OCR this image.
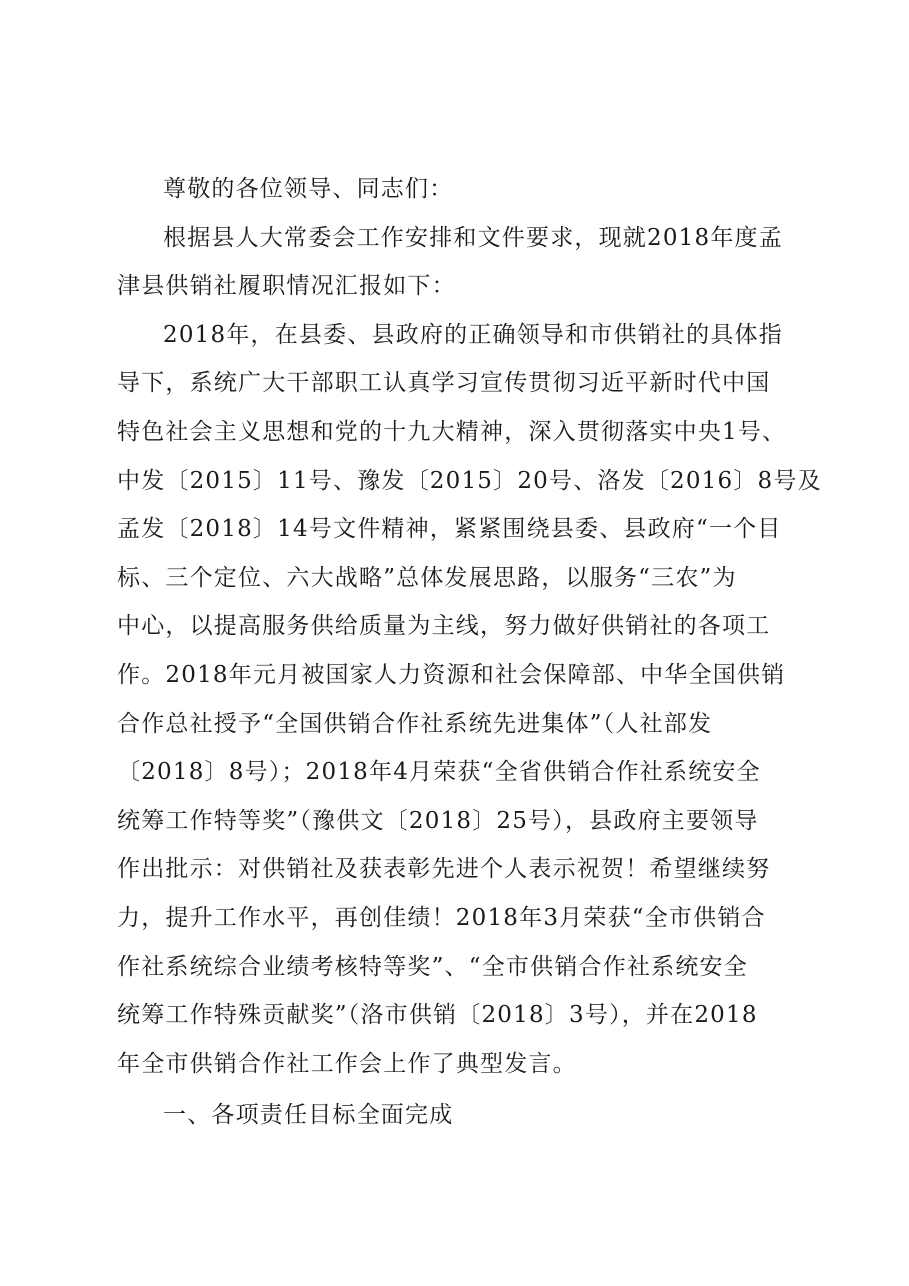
尊敬的各位领导、同志们：

根据县人大常委会工作安排和文件要求，现就2018年度孟
津县供销社履职情况汇报如下：

2018年，在县委、县政府的正确领导和市供销社的具体指
导下，系统广大干部职工认真学习宣传贯彻习近平新时代中国
特色社会主义思想和党的十九大精神，深入贯彻落实中央1号、
中发〔2015〕11号、豫发〔2015〕20号、洛发〔2016〕8号及
孟发〔2018〕14号文件精神，紧紧围绕县委、县政府“一个目
标、三个定位、六大战略”总体发展思路，以服务“三农”为
中心，以提高服务供给质量为主线，努力做好供销社的各项工
作。2018年元月被国家人力资源和社会保障部、中华全国供销
合作总社授予“全国供销合作社系统先进集体”（人社部发
〔2018〕8号）；2018年4月荣获“全省供销合作社系统安全
统筹工作特等奖”（豫供文〔2018〕25号），县政府主要领导
作出批示：对供销社及获表彰先进个人表示祝贺！希望继续努
力，提升工作水平，再创佳绩！2018年3月荣获“全市供销合
作社系统综合业绩考核特等奖”、“全市供销合作社系统安全
统筹工作特殊贡献奖”（洛市供销〔2018〕3号），并在2018
年全市供销合作社工作会上作了典型发言。

一、各项责任目标全面完成
